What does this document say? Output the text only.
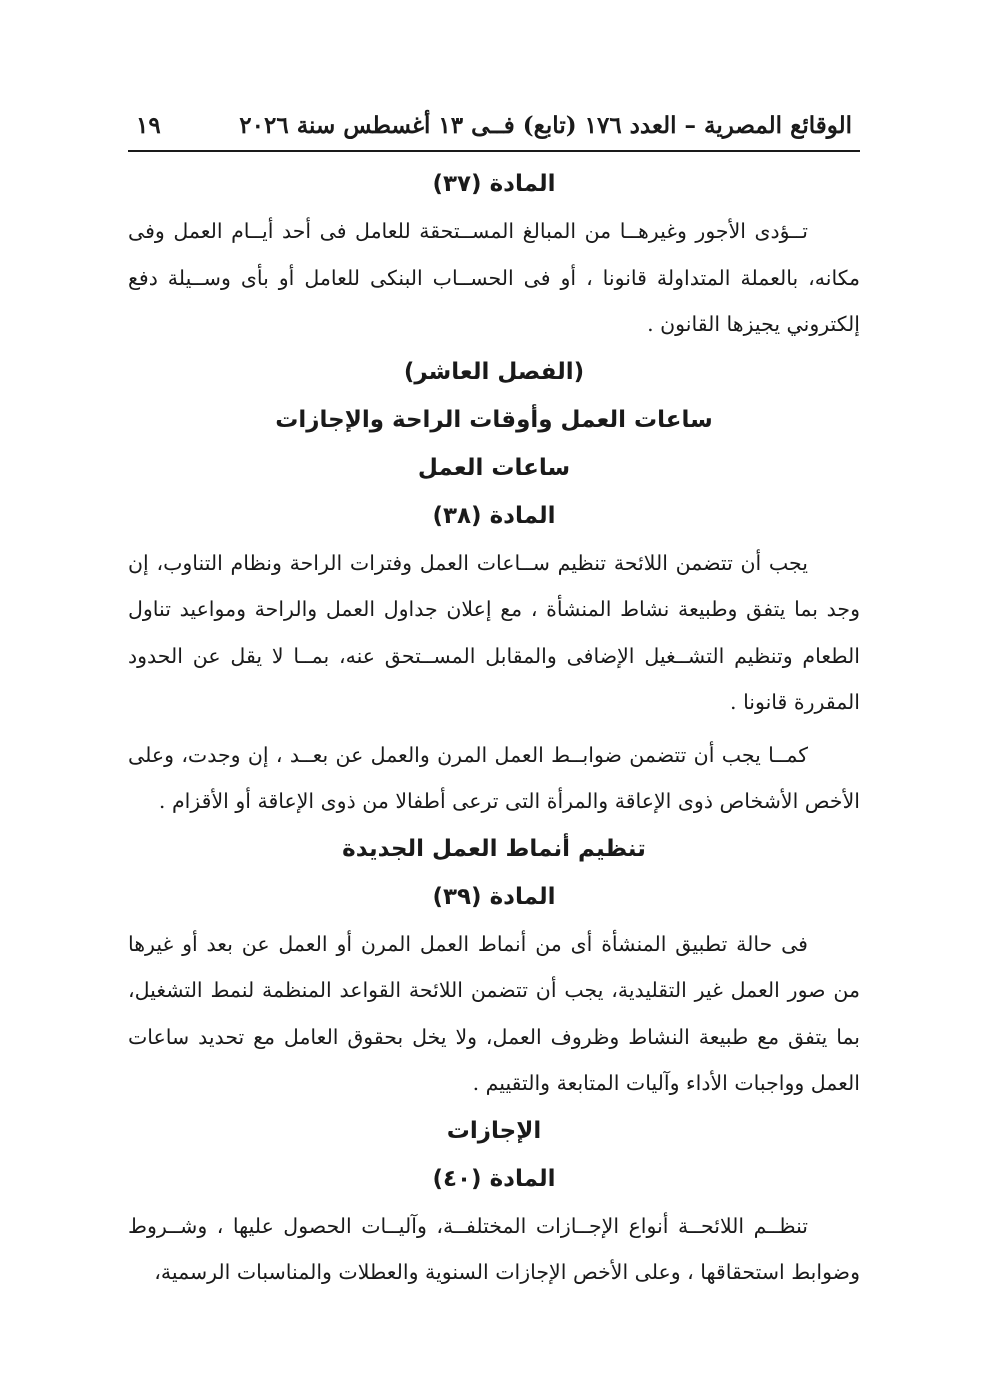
الوقائع المصرية – العدد ١٧٦ (تابع) فــى ١٣ أغسطس سنة ٢٠٢٦
١٩
المادة (٣٧)

تــؤدى الأجور وغيرهــا من المبالغ المســتحقة للعامل فى أحد أيــام العمل وفى مكانه، بالعملة المتداولة قانونا ، أو فى الحســاب البنكى للعامل أو بأى وســيلة دفع إلكتروني يجيزها القانون .

(الفصل العاشر)
ساعات العمل وأوقات الراحة والإجازات
ساعات العمل
المادة (٣٨)

يجب أن تتضمن اللائحة تنظيم ســاعات العمل وفترات الراحة ونظام التناوب، إن وجد بما يتفق وطبيعة نشاط المنشأة ، مع إعلان جداول العمل والراحة ومواعيد تناول الطعام وتنظيم التشــغيل الإضافى والمقابل المســتحق عنه، بمــا لا يقل عن الحدود المقررة قانونا .

كمــا يجب أن تتضمن ضوابــط العمل المرن والعمل عن بعــد ، إن وجدت، وعلى الأخص الأشخاص ذوى الإعاقة والمرأة التى ترعى أطفالا من ذوى الإعاقة أو الأقزام .

تنظيم أنماط العمل الجديدة
المادة (٣٩)

فى حالة تطبيق المنشأة أى من أنماط العمل المرن أو العمل عن بعد أو غيرها من صور العمل غير التقليدية، يجب أن تتضمن اللائحة القواعد المنظمة لنمط التشغيل، بما يتفق مع طبيعة النشاط وظروف العمل، ولا يخل بحقوق العامل مع تحديد ساعات العمل وواجبات الأداء وآليات المتابعة والتقييم .

الإجازات
المادة (٤٠)

تنظــم اللائحــة أنواع الإجــازات المختلفــة، وآليــات الحصول عليها ، وشــروط وضوابط استحقاقها ، وعلى الأخص الإجازات السنوية والعطلات والمناسبات الرسمية،
